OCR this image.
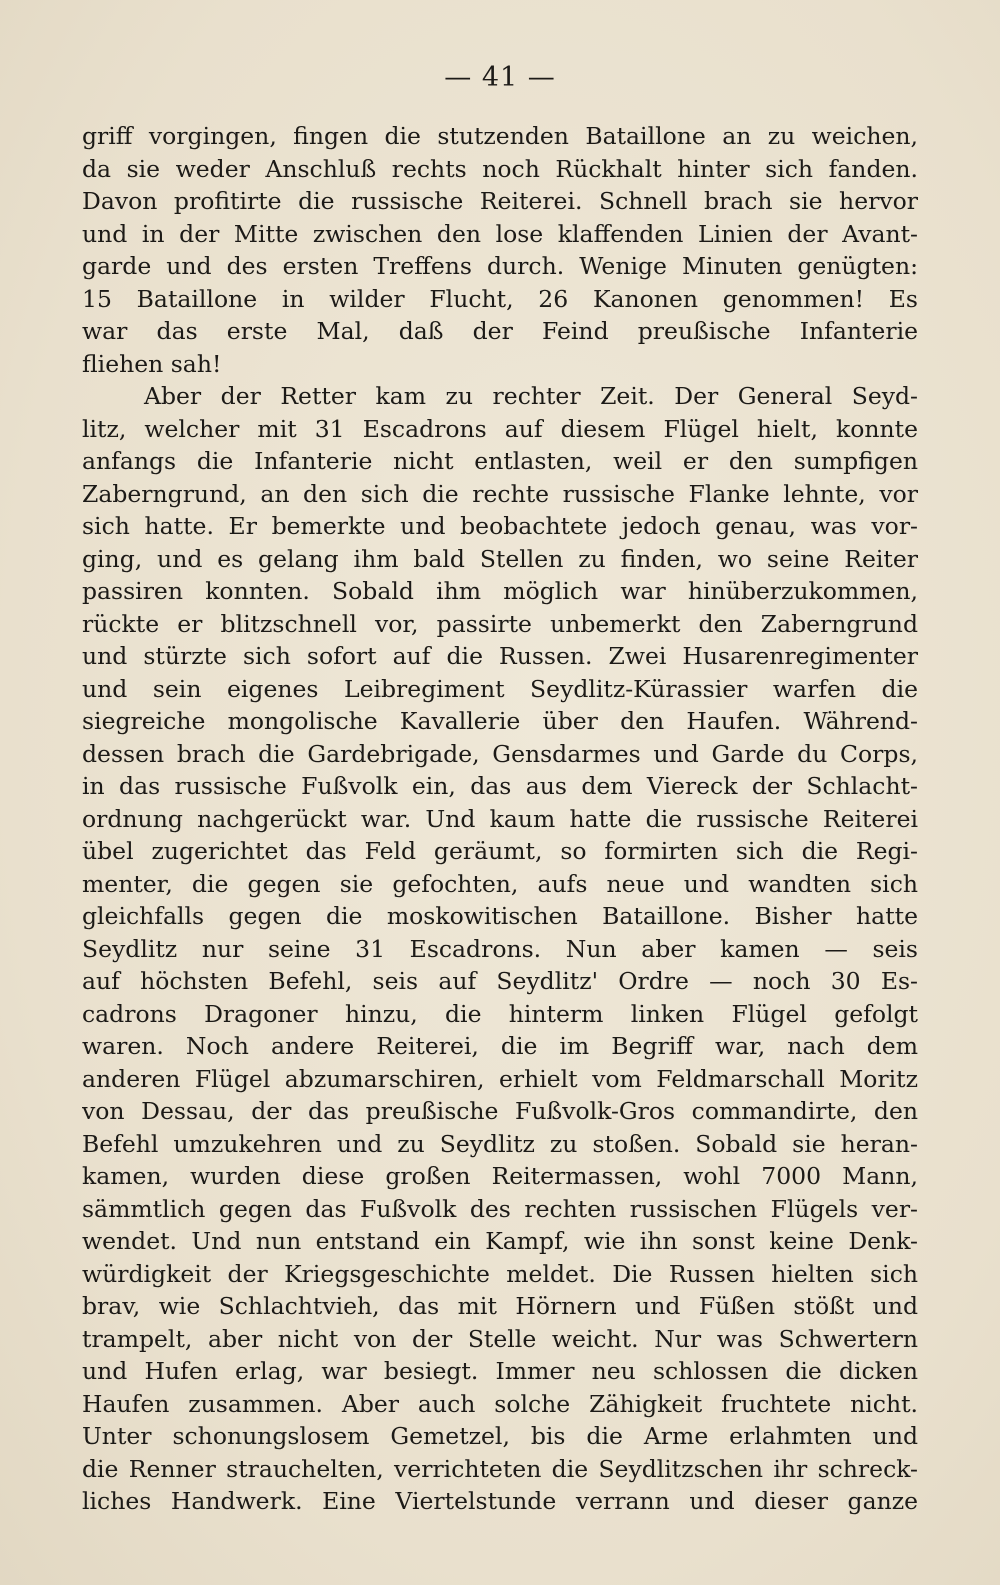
— 41 —
griff vorgingen, fingen die stutzenden Bataillone an zu weichen,
da sie weder Anschluß rechts noch Rückhalt hinter sich fanden.
Davon profitirte die russische Reiterei. Schnell brach sie hervor
und in der Mitte zwischen den lose klaffenden Linien der Avant-
garde und des ersten Treffens durch. Wenige Minuten genügten:
15 Bataillone in wilder Flucht, 26 Kanonen genommen! Es
war das erste Mal, daß der Feind preußische Infanterie
fliehen sah!
Aber der Retter kam zu rechter Zeit. Der General Seyd-
litz, welcher mit 31 Escadrons auf diesem Flügel hielt, konnte
anfangs die Infanterie nicht entlasten, weil er den sumpfigen
Zaberngrund, an den sich die rechte russische Flanke lehnte, vor
sich hatte. Er bemerkte und beobachtete jedoch genau, was vor-
ging, und es gelang ihm bald Stellen zu finden, wo seine Reiter
passiren konnten. Sobald ihm möglich war hinüberzukommen,
rückte er blitzschnell vor, passirte unbemerkt den Zaberngrund
und stürzte sich sofort auf die Russen. Zwei Husarenregimenter
und sein eigenes Leibregiment Seydlitz-Kürassier warfen die
siegreiche mongolische Kavallerie über den Haufen. Während-
dessen brach die Gardebrigade, Gensdarmes und Garde du Corps,
in das russische Fußvolk ein, das aus dem Viereck der Schlacht-
ordnung nachgerückt war. Und kaum hatte die russische Reiterei
übel zugerichtet das Feld geräumt, so formirten sich die Regi-
menter, die gegen sie gefochten, aufs neue und wandten sich
gleichfalls gegen die moskowitischen Bataillone. Bisher hatte
Seydlitz nur seine 31 Escadrons. Nun aber kamen — seis
auf höchsten Befehl, seis auf Seydlitz' Ordre — noch 30 Es-
cadrons Dragoner hinzu, die hinterm linken Flügel gefolgt
waren. Noch andere Reiterei, die im Begriff war, nach dem
anderen Flügel abzumarschiren, erhielt vom Feldmarschall Moritz
von Dessau, der das preußische Fußvolk-Gros commandirte, den
Befehl umzukehren und zu Seydlitz zu stoßen. Sobald sie heran-
kamen, wurden diese großen Reitermassen, wohl 7000 Mann,
sämmtlich gegen das Fußvolk des rechten russischen Flügels ver-
wendet. Und nun entstand ein Kampf, wie ihn sonst keine Denk-
würdigkeit der Kriegsgeschichte meldet. Die Russen hielten sich
brav, wie Schlachtvieh, das mit Hörnern und Füßen stößt und
trampelt, aber nicht von der Stelle weicht. Nur was Schwertern
und Hufen erlag, war besiegt. Immer neu schlossen die dicken
Haufen zusammen. Aber auch solche Zähigkeit fruchtete nicht.
Unter schonungslosem Gemetzel, bis die Arme erlahmten und
die Renner strauchelten, verrichteten die Seydlitzschen ihr schreck-
liches Handwerk. Eine Viertelstunde verrann und dieser ganze
